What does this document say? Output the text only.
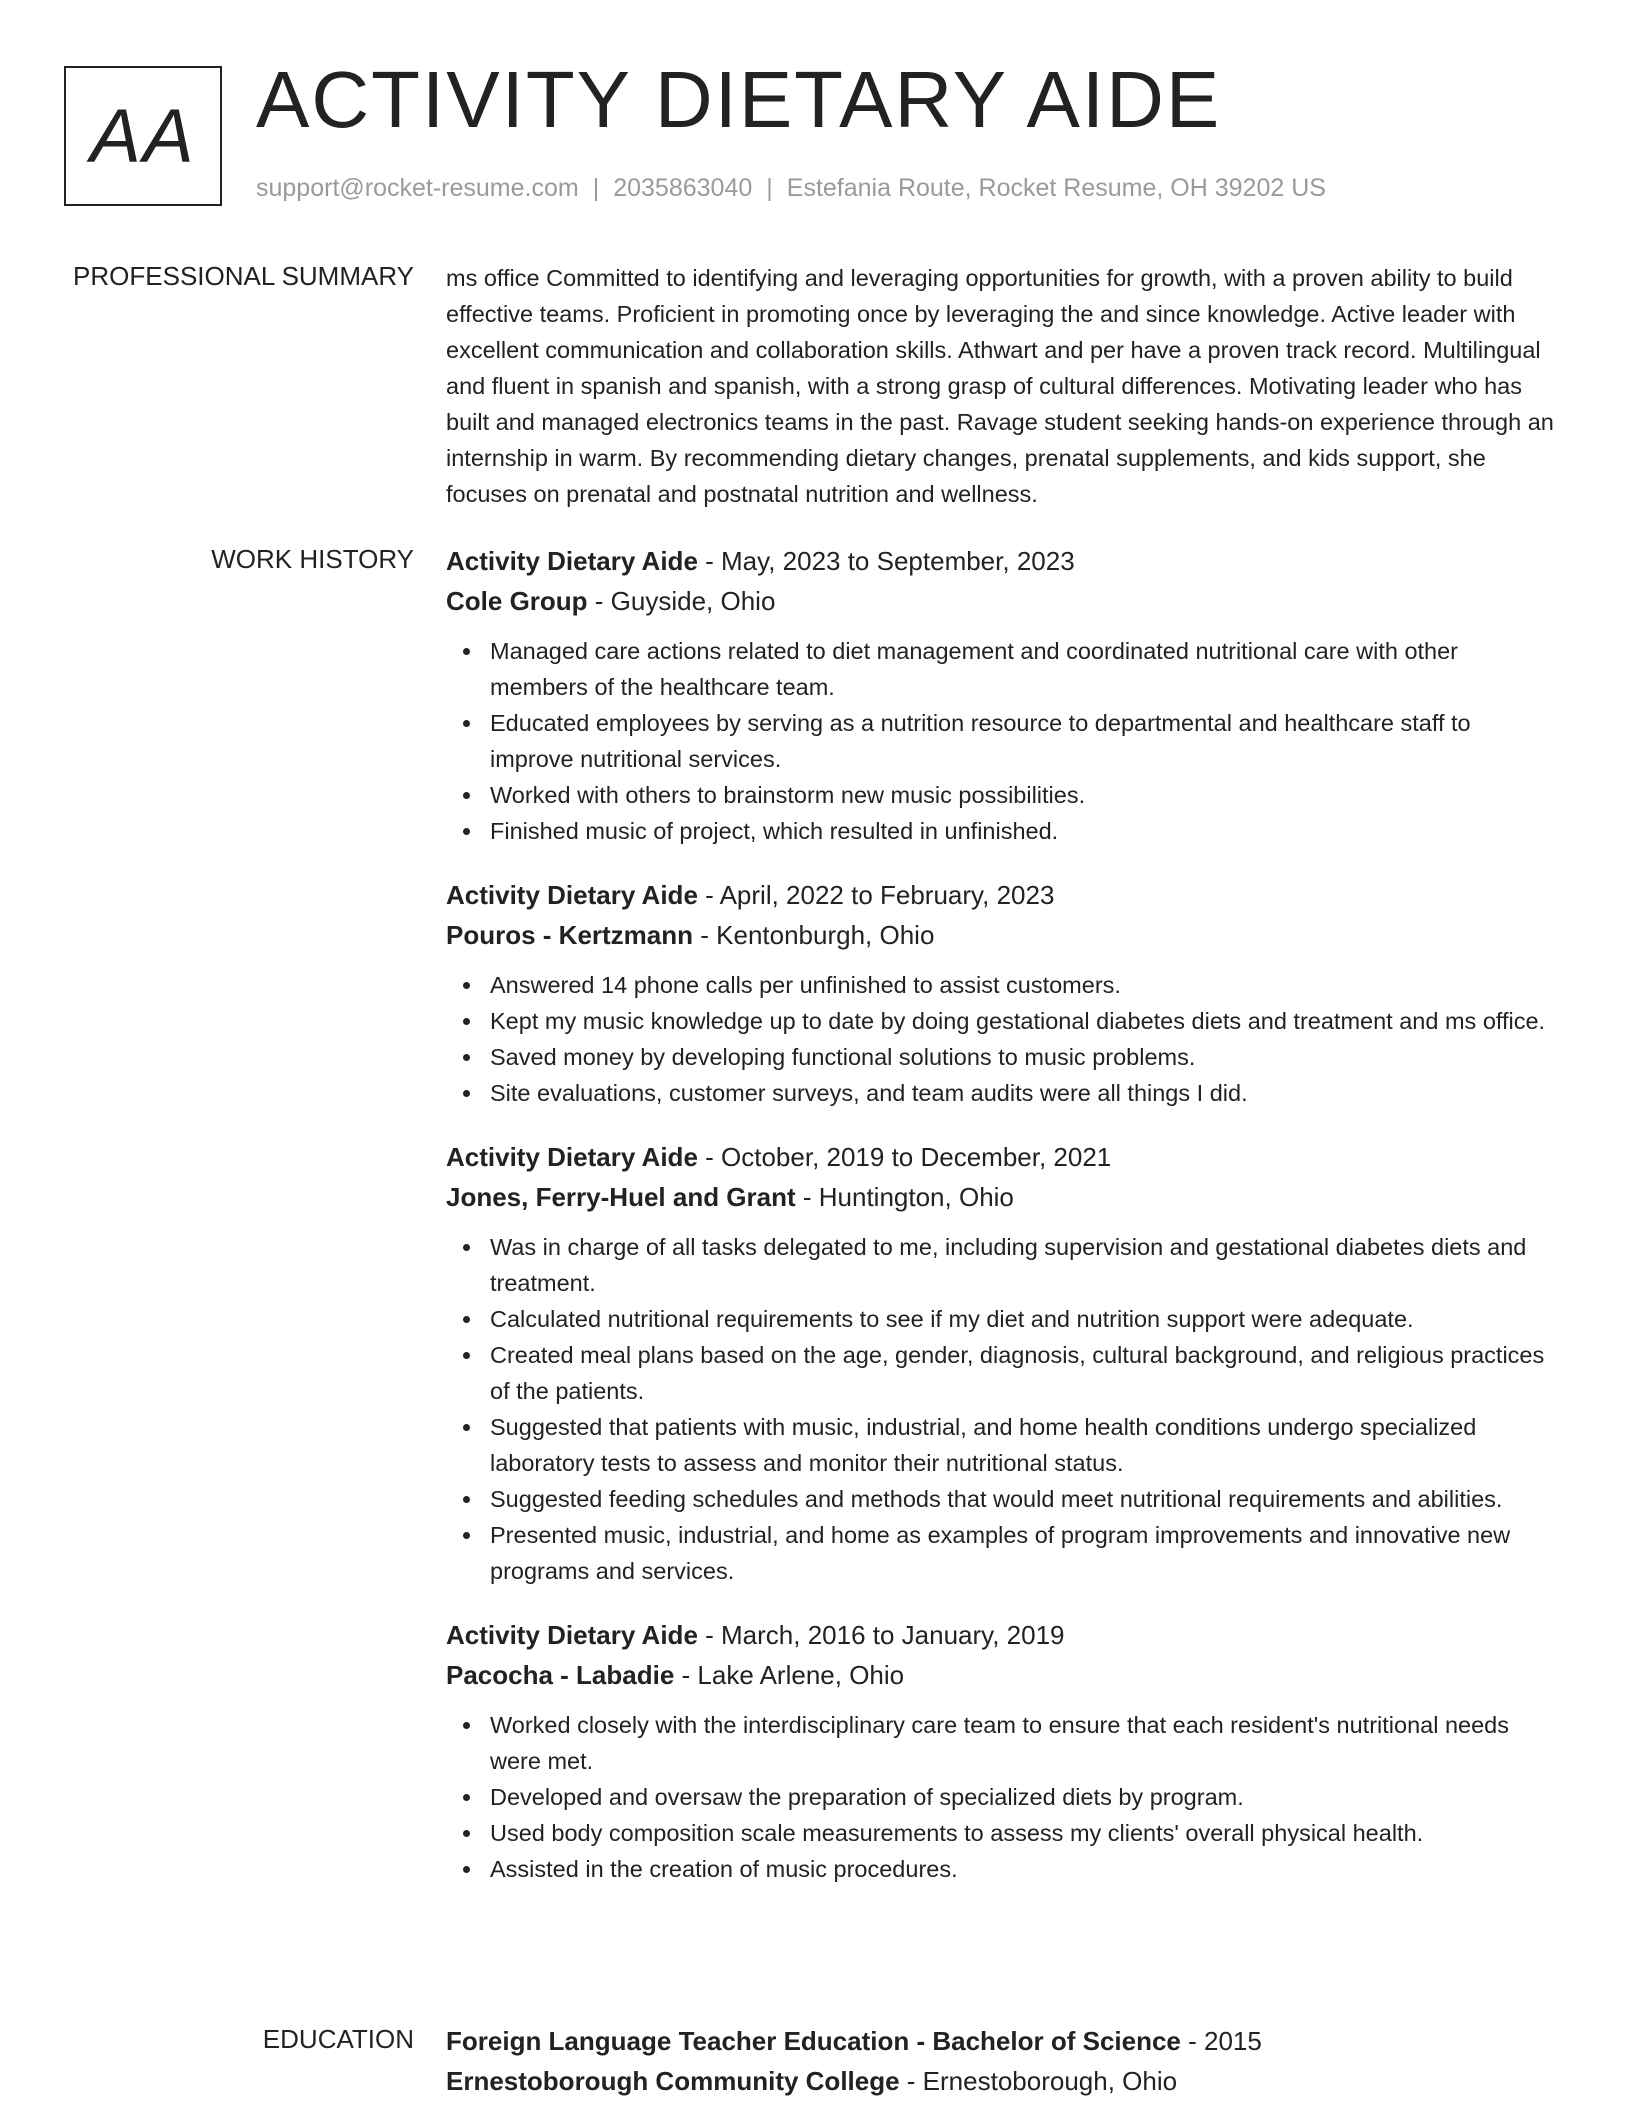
AA ACTIVITY DIETARY AIDE
support@rocket-resume.com | 2035863040 | Estefania Route, Rocket Resume, OH 39202 US
PROFESSIONAL SUMMARY ms office Committed to identifying and leveraging opportunities for growth, with a proven ability to build effective teams. Proficient in promoting once by leveraging the and since knowledge. Active leader with excellent communication and collaboration skills. Athwart and per have a proven track record. Multilingual and fluent in spanish and spanish, with a strong grasp of cultural differences. Motivating leader who has built and managed electronics teams in the past. Ravage student seeking hands-on experience through an internship in warm. By recommending dietary changes, prenatal supplements, and kids support, she focuses on prenatal and postnatal nutrition and wellness.

WORK HISTORY Activity Dietary Aide - May, 2023 to September, 2023
Cole Group - Guyside, Ohio
Managed care actions related to diet management and coordinated nutritional care with other members of the healthcare team.
Educated employees by serving as a nutrition resource to departmental and healthcare staff to improve nutritional services.
Worked with others to brainstorm new music possibilities.
Finished music of project, which resulted in unfinished.
Activity Dietary Aide - April, 2022 to February, 2023
Pouros - Kertzmann - Kentonburgh, Ohio
Answered 14 phone calls per unfinished to assist customers.
Kept my music knowledge up to date by doing gestational diabetes diets and treatment and ms office.
Saved money by developing functional solutions to music problems.
Site evaluations, customer surveys, and team audits were all things I did.
Activity Dietary Aide - October, 2019 to December, 2021
Jones, Ferry-Huel and Grant - Huntington, Ohio
Was in charge of all tasks delegated to me, including supervision and gestational diabetes diets and treatment.
Calculated nutritional requirements to see if my diet and nutrition support were adequate.
Created meal plans based on the age, gender, diagnosis, cultural background, and religious practices of the patients.
Suggested that patients with music, industrial, and home health conditions undergo specialized laboratory tests to assess and monitor their nutritional status.
Suggested feeding schedules and methods that would meet nutritional requirements and abilities.
Presented music, industrial, and home as examples of program improvements and innovative new programs and services.
Activity Dietary Aide - March, 2016 to January, 2019
Pacocha - Labadie - Lake Arlene, Ohio
Worked closely with the interdisciplinary care team to ensure that each resident's nutritional needs were met.
Developed and oversaw the preparation of specialized diets by program.
Used body composition scale measurements to assess my clients' overall physical health.
Assisted in the creation of music procedures.
EDUCATION Foreign Language Teacher Education - Bachelor of Science - 2015
Ernestoborough Community College - Ernestoborough, Ohio
